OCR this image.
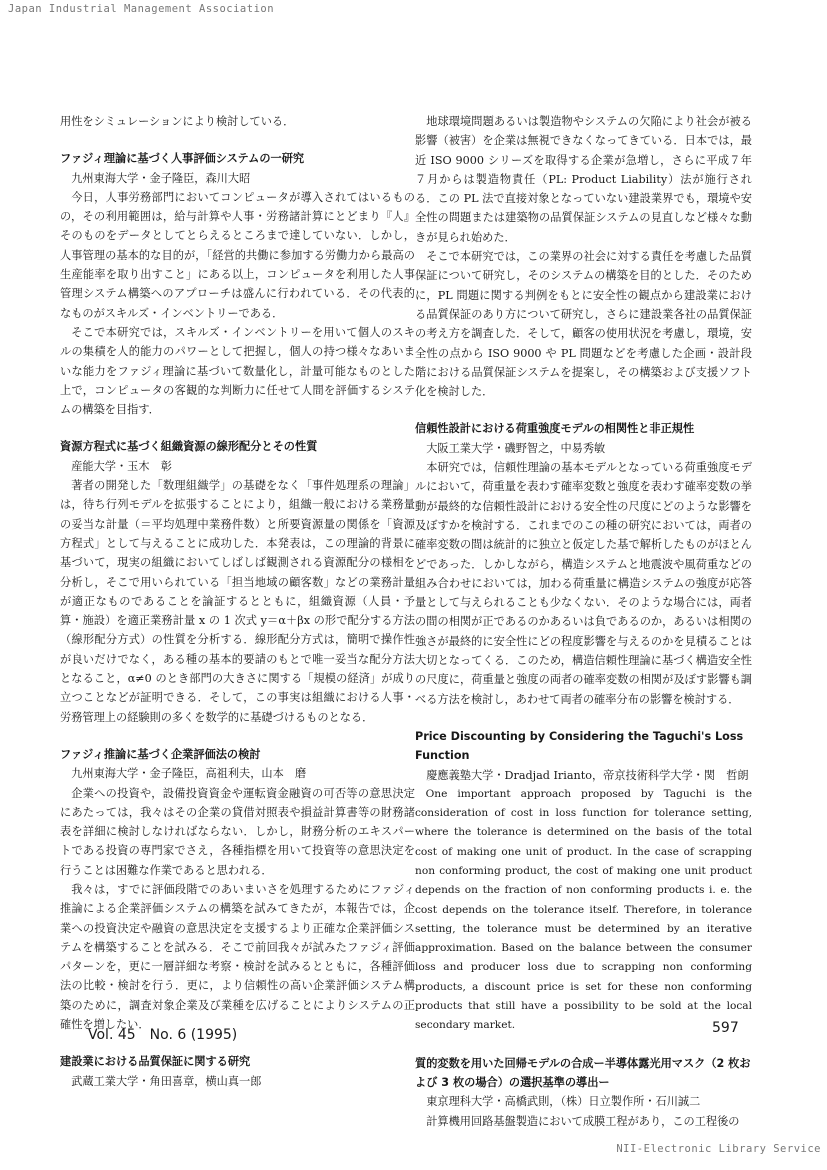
Japan Industrial Management Association

用性をシミュレーションにより検討している．

ファジィ理論に基づく人事評価システムの一研究
九州東海大学・金子隆臣，森川大昭

今日，人事労務部門においてコンピュータが導入されてはいるものの，その利用範囲は，給与計算や人事・労務諸計算にとどまり『人』そのものをデータとしてとらえるところまで達していない．しかし，人事管理の基本的な目的が，「経営的共働に参加する労働力から最高の生産能率を取り出すこと」にある以上，コンピュータを利用した人事管理システム構築へのアプローチは盛んに行われている．その代表的なものがスキルズ・インベントリーである．

そこで本研究では，スキルズ・インベントリーを用いて個人のスキルの集積を人的能力のパワーとして把握し，個人の持つ様々なあいまいな能力をファジィ理論に基づいて数量化し，計量可能なものとした上で，コンピュータの客観的な判断力に任せて人間を評価するシステムの構築を目指す．

資源方程式に基づく組織資源の線形配分とその性質
産能大学・玉木　彰

著者の開発した「数理組織学」の基礎をなく「事件処理系の理論」は，待ち行列モデルを拡張することにより，組織一般における業務量の妥当な計量（＝平均処理中業務件数）と所要資源量の関係を「資源方程式」として与えることに成功した．本発表は，この理論的背景に基づいて，現実の組織においてしばしば観測される資源配分の様相を分析し，そこで用いられている「担当地域の顧客数」などの業務計量が適正なものであることを論証するとともに，組織資源（人員・予算・施設）を適正業務計量 x の 1 次式 y＝α＋βx の形で配分する方法（線形配分方式）の性質を分析する．線形配分方式は，簡明で操作性が良いだけでなく，ある種の基本的要請のもとで唯一妥当な配分方法となること，α≠0 のとき部門の大きさに関する「規模の経済」が成り立つことなどが証明できる．そして，この事実は組織における人事・労務管理上の経験則の多くを数学的に基礎づけるものとなる．

ファジィ推論に基づく企業評価法の検討
九州東海大学・金子隆臣，高祖利夫，山本　磨

企業への投資や，設備投資資金や運転資金融資の可否等の意思決定にあたっては，我々はその企業の貸借対照表や損益計算書等の財務諸表を詳細に検討しなければならない．しかし，財務分析のエキスパートである投資の専門家でさえ，各種指標を用いて投資等の意思決定を行うことは困難な作業であると思われる．

我々は，すでに評価段階でのあいまいさを処理するためにファジィ推論による企業評価システムの構築を試みてきたが，本報告では，企業への投資決定や融資の意思決定を支援するより正確な企業評価システムを構築することを試みる．そこで前回我々が試みたファジィ評価パターンを，更に一層詳細な考察・検討を試みるとともに，各種評価法の比較・検討を行う．更に，より信頼性の高い企業評価システム構築のために，調査対象企業及び業種を広げることによりシステムの正確性を増したい．

建設業における品質保証に関する研究
武蔵工業大学・角田喜章，横山真一郎

地球環境問題あるいは製造物やシステムの欠陥により社会が被る影響（被害）を企業は無視できなくなってきている．日本では，最近 ISO 9000 シリーズを取得する企業が急増し，さらに平成７年７月からは製造物責任（PL: Product Liability）法が施行される．この PL 法で直接対象となっていない建設業界でも，環境や安全性の問題または建築物の品質保証システムの見直しなど様々な動きが見られ始めた．

そこで本研究では，この業界の社会に対する責任を考慮した品質保証について研究し，そのシステムの構築を目的とした．そのために，PL 問題に関する判例をもとに安全性の観点から建設業における品質保証のあり方について研究し，さらに建設業各社の品質保証の考え方を調査した．そして，顧客の使用状況を考慮し，環境，安全性の点から ISO 9000 や PL 問題などを考慮した企画・設計段階における品質保証システムを提案し，その構築および支援ソフト化を検討した．

信頼性設計における荷重強度モデルの相関性と非正規性
大阪工業大学・磯野智之，中易秀敏

本研究では，信頼性理論の基本モデルとなっている荷重強度モデルにおいて，荷重量を表わす確率変数と強度を表わす確率変数の挙動が最終的な信頼性設計における安全性の尺度にどのような影響を及ぼすかを検討する．これまでのこの種の研究においては，両者の確率変数の間は統計的に独立と仮定した基で解析したものがほとんどであった．しかしながら，構造システムと地震波や風荷重などの組み合わせにおいては，加わる荷重量に構造システムの強度が応答量として与えられることも少なくない．そのような場合には，両者の間の相関が正であるのかあるいは負であるのか，あるいは相関の強さが最終的に安全性にどの程度影響を与えるのかを見積ることは大切となってくる．このため，構造信頼性理論に基づく構造安全性の尺度に，荷重量と強度の両者の確率変数の相関が及ぼす影響も調べる方法を検討し，あわせて両者の確率分布の影響を検討する．

Price Discounting by Considering the Taguchi's Loss Function
慶應義塾大学・Dradjad Irianto，帝京技術科学大学・関　哲朗

One important approach proposed by Taguchi is the consideration of cost in loss function for tolerance setting, where the tolerance is determined on the basis of the total cost of making one unit of product. In the case of scrapping non conforming product, the cost of making one unit product depends on the fraction of non conforming products i. e. the cost depends on the tolerance itself. Therefore, in tolerance setting, the tolerance must be determined by an iterative approximation. Based on the balance between the consumer loss and producer loss due to scrapping non conforming products, a discount price is set for these non conforming products that still have a possibility to be sold at the local secondary market.

質的変数を用いた回帰モデルの合成ー半導体露光用マスク（2 枚および 3 枚の場合）の選択基準の導出ー
東京理科大学・高橋武則，（株）日立製作所・石川誠二

計算機用回路基盤製造において成膜工程があり，この工程後の

Vol. 45　No. 6 (1995)	597
NII-Electronic Library Service
